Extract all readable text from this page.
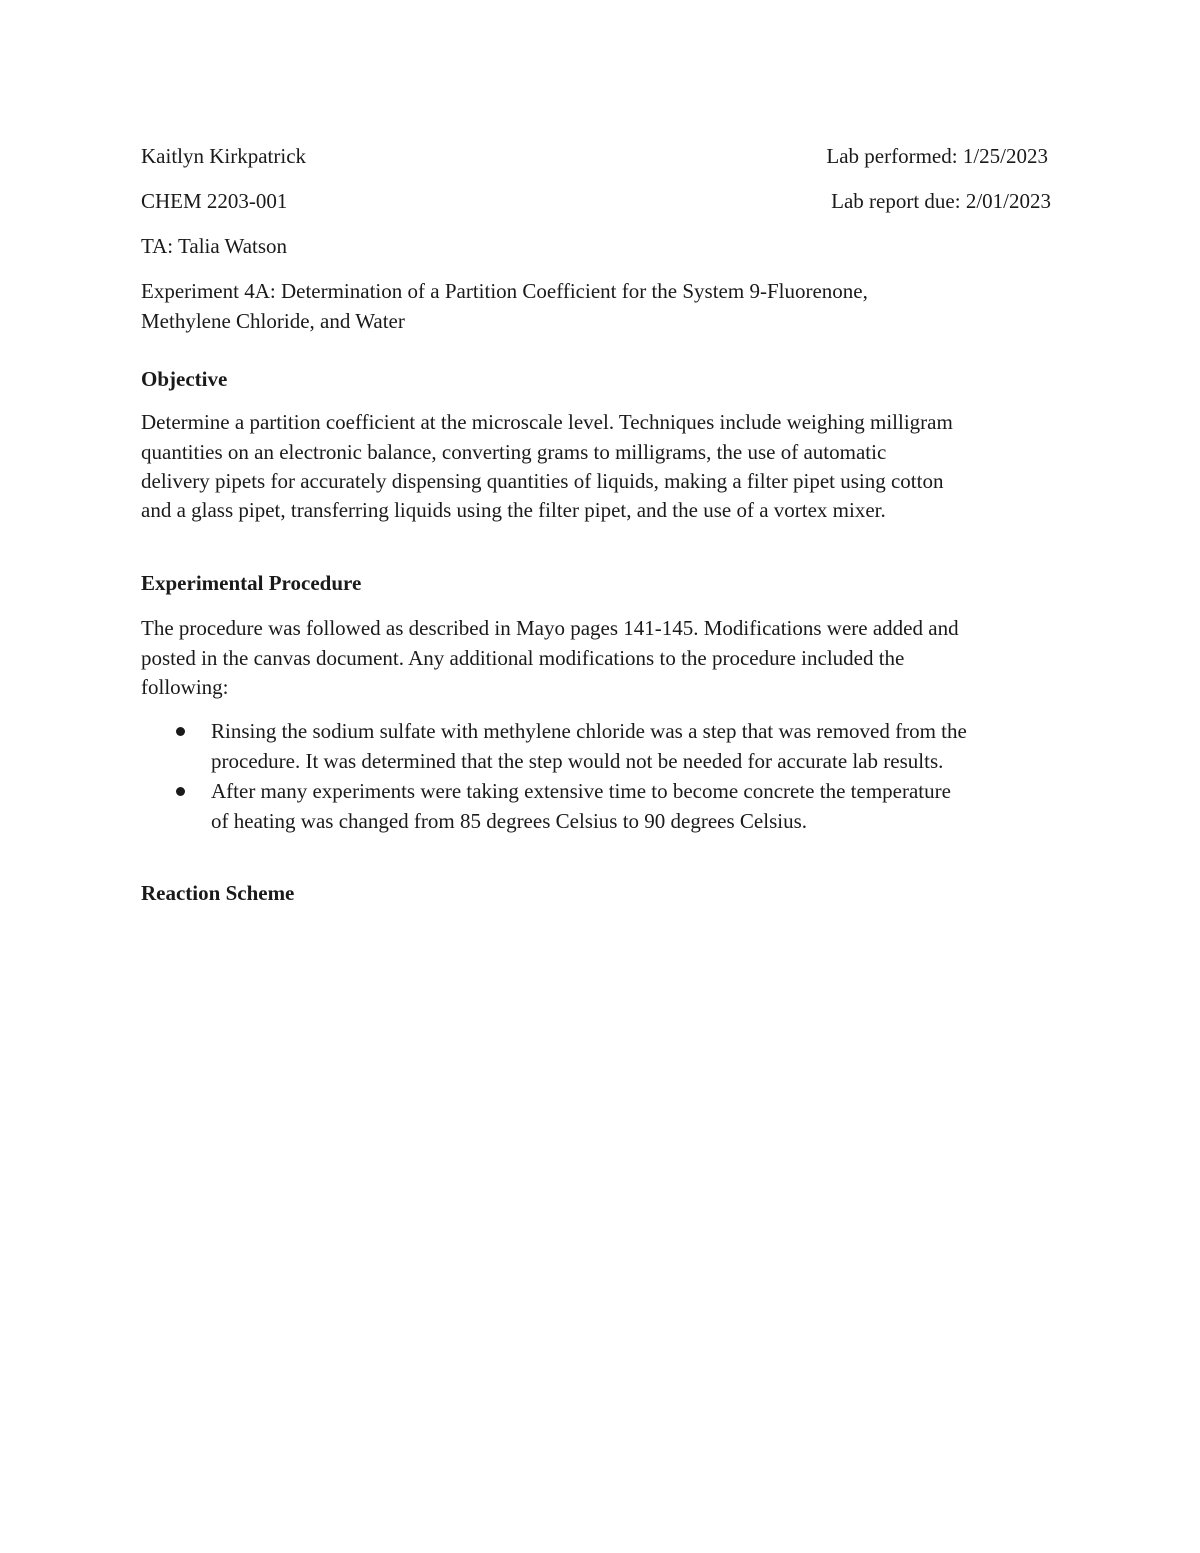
Kaitlyn Kirkpatrick	Lab performed: 1/25/2023
CHEM 2203-001	Lab report due: 2/01/2023
TA: Talia Watson
Experiment 4A: Determination of a Partition Coefficient for the System 9-Fluorenone,
Methylene Chloride, and Water
Objective
Determine a partition coefficient at the microscale level. Techniques include weighing milligram
quantities on an electronic balance, converting grams to milligrams, the use of automatic
delivery pipets for accurately dispensing quantities of liquids, making a filter pipet using cotton
and a glass pipet, transferring liquids using the filter pipet, and the use of a vortex mixer.
Experimental Procedure
The procedure was followed as described in Mayo pages 141-145. Modifications were added and
posted in the canvas document. Any additional modifications to the procedure included the
following:
Rinsing the sodium sulfate with methylene chloride was a step that was removed from the
procedure. It was determined that the step would not be needed for accurate lab results.
After many experiments were taking extensive time to become concrete the temperature
of heating was changed from 85 degrees Celsius to 90 degrees Celsius.
Reaction Scheme
